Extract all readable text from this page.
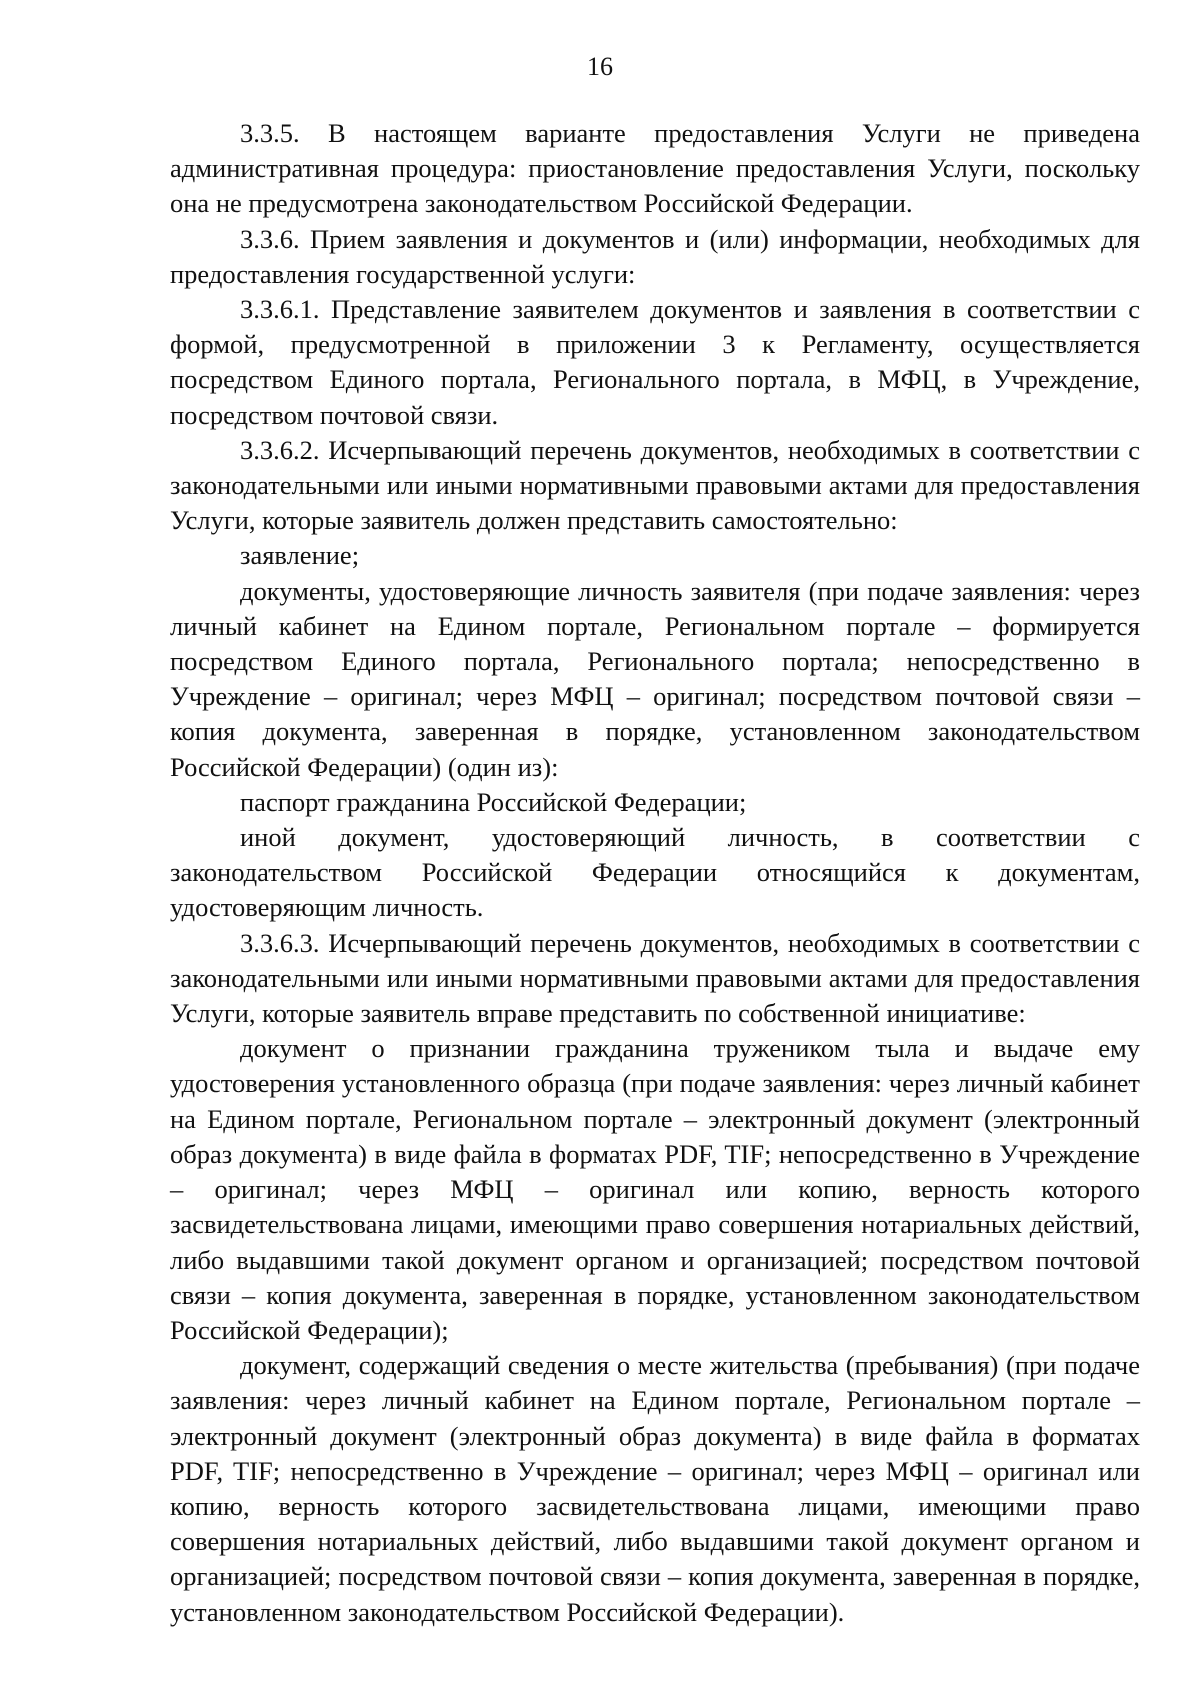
16

3.3.5. В настоящем варианте предоставления Услуги не приведена административная процедура: приостановление предоставления Услуги, поскольку она не предусмотрена законодательством Российской Федерации.

3.3.6. Прием заявления и документов и (или) информации, необходимых для предоставления государственной услуги:

3.3.6.1. Представление заявителем документов и заявления в соответствии с формой, предусмотренной в приложении 3 к Регламенту, осуществляется посредством Единого портала, Регионального портала, в МФЦ, в Учреждение, посредством почтовой связи.

3.3.6.2. Исчерпывающий перечень документов, необходимых в соответствии с законодательными или иными нормативными правовыми актами для предоставления Услуги, которые заявитель должен представить самостоятельно:

заявление;

документы, удостоверяющие личность заявителя (при подаче заявления: через личный кабинет на Едином портале, Региональном портале – формируется посредством Единого портала, Регионального портала; непосредственно в Учреждение – оригинал; через МФЦ – оригинал; посредством почтовой связи – копия документа, заверенная в порядке, установленном законодательством Российской Федерации) (один из):

паспорт гражданина Российской Федерации;

иной документ, удостоверяющий личность, в соответствии с законодательством Российской Федерации относящийся к документам, удостоверяющим личность.

3.3.6.3. Исчерпывающий перечень документов, необходимых в соответствии с законодательными или иными нормативными правовыми актами для предоставления Услуги, которые заявитель вправе представить по собственной инициативе:

документ о признании гражданина тружеником тыла и выдаче ему удостоверения установленного образца (при подаче заявления: через личный кабинет на Едином портале, Региональном портале – электронный документ (электронный образ документа) в виде файла в форматах PDF, TIF; непосредственно в Учреждение – оригинал; через МФЦ – оригинал или копию, верность которого засвидетельствована лицами, имеющими право совершения нотариальных действий, либо выдавшими такой документ органом и организацией; посредством почтовой связи – копия документа, заверенная в порядке, установленном законодательством Российской Федерации);

документ, содержащий сведения о месте жительства (пребывания) (при подаче заявления: через личный кабинет на Едином портале, Региональном портале – электронный документ (электронный образ документа) в виде файла в форматах PDF, TIF; непосредственно в Учреждение – оригинал; через МФЦ – оригинал или копию, верность которого засвидетельствована лицами, имеющими право совершения нотариальных действий, либо выдавшими такой документ органом и организацией; посредством почтовой связи – копия документа, заверенная в порядке, установленном законодательством Российской Федерации).
